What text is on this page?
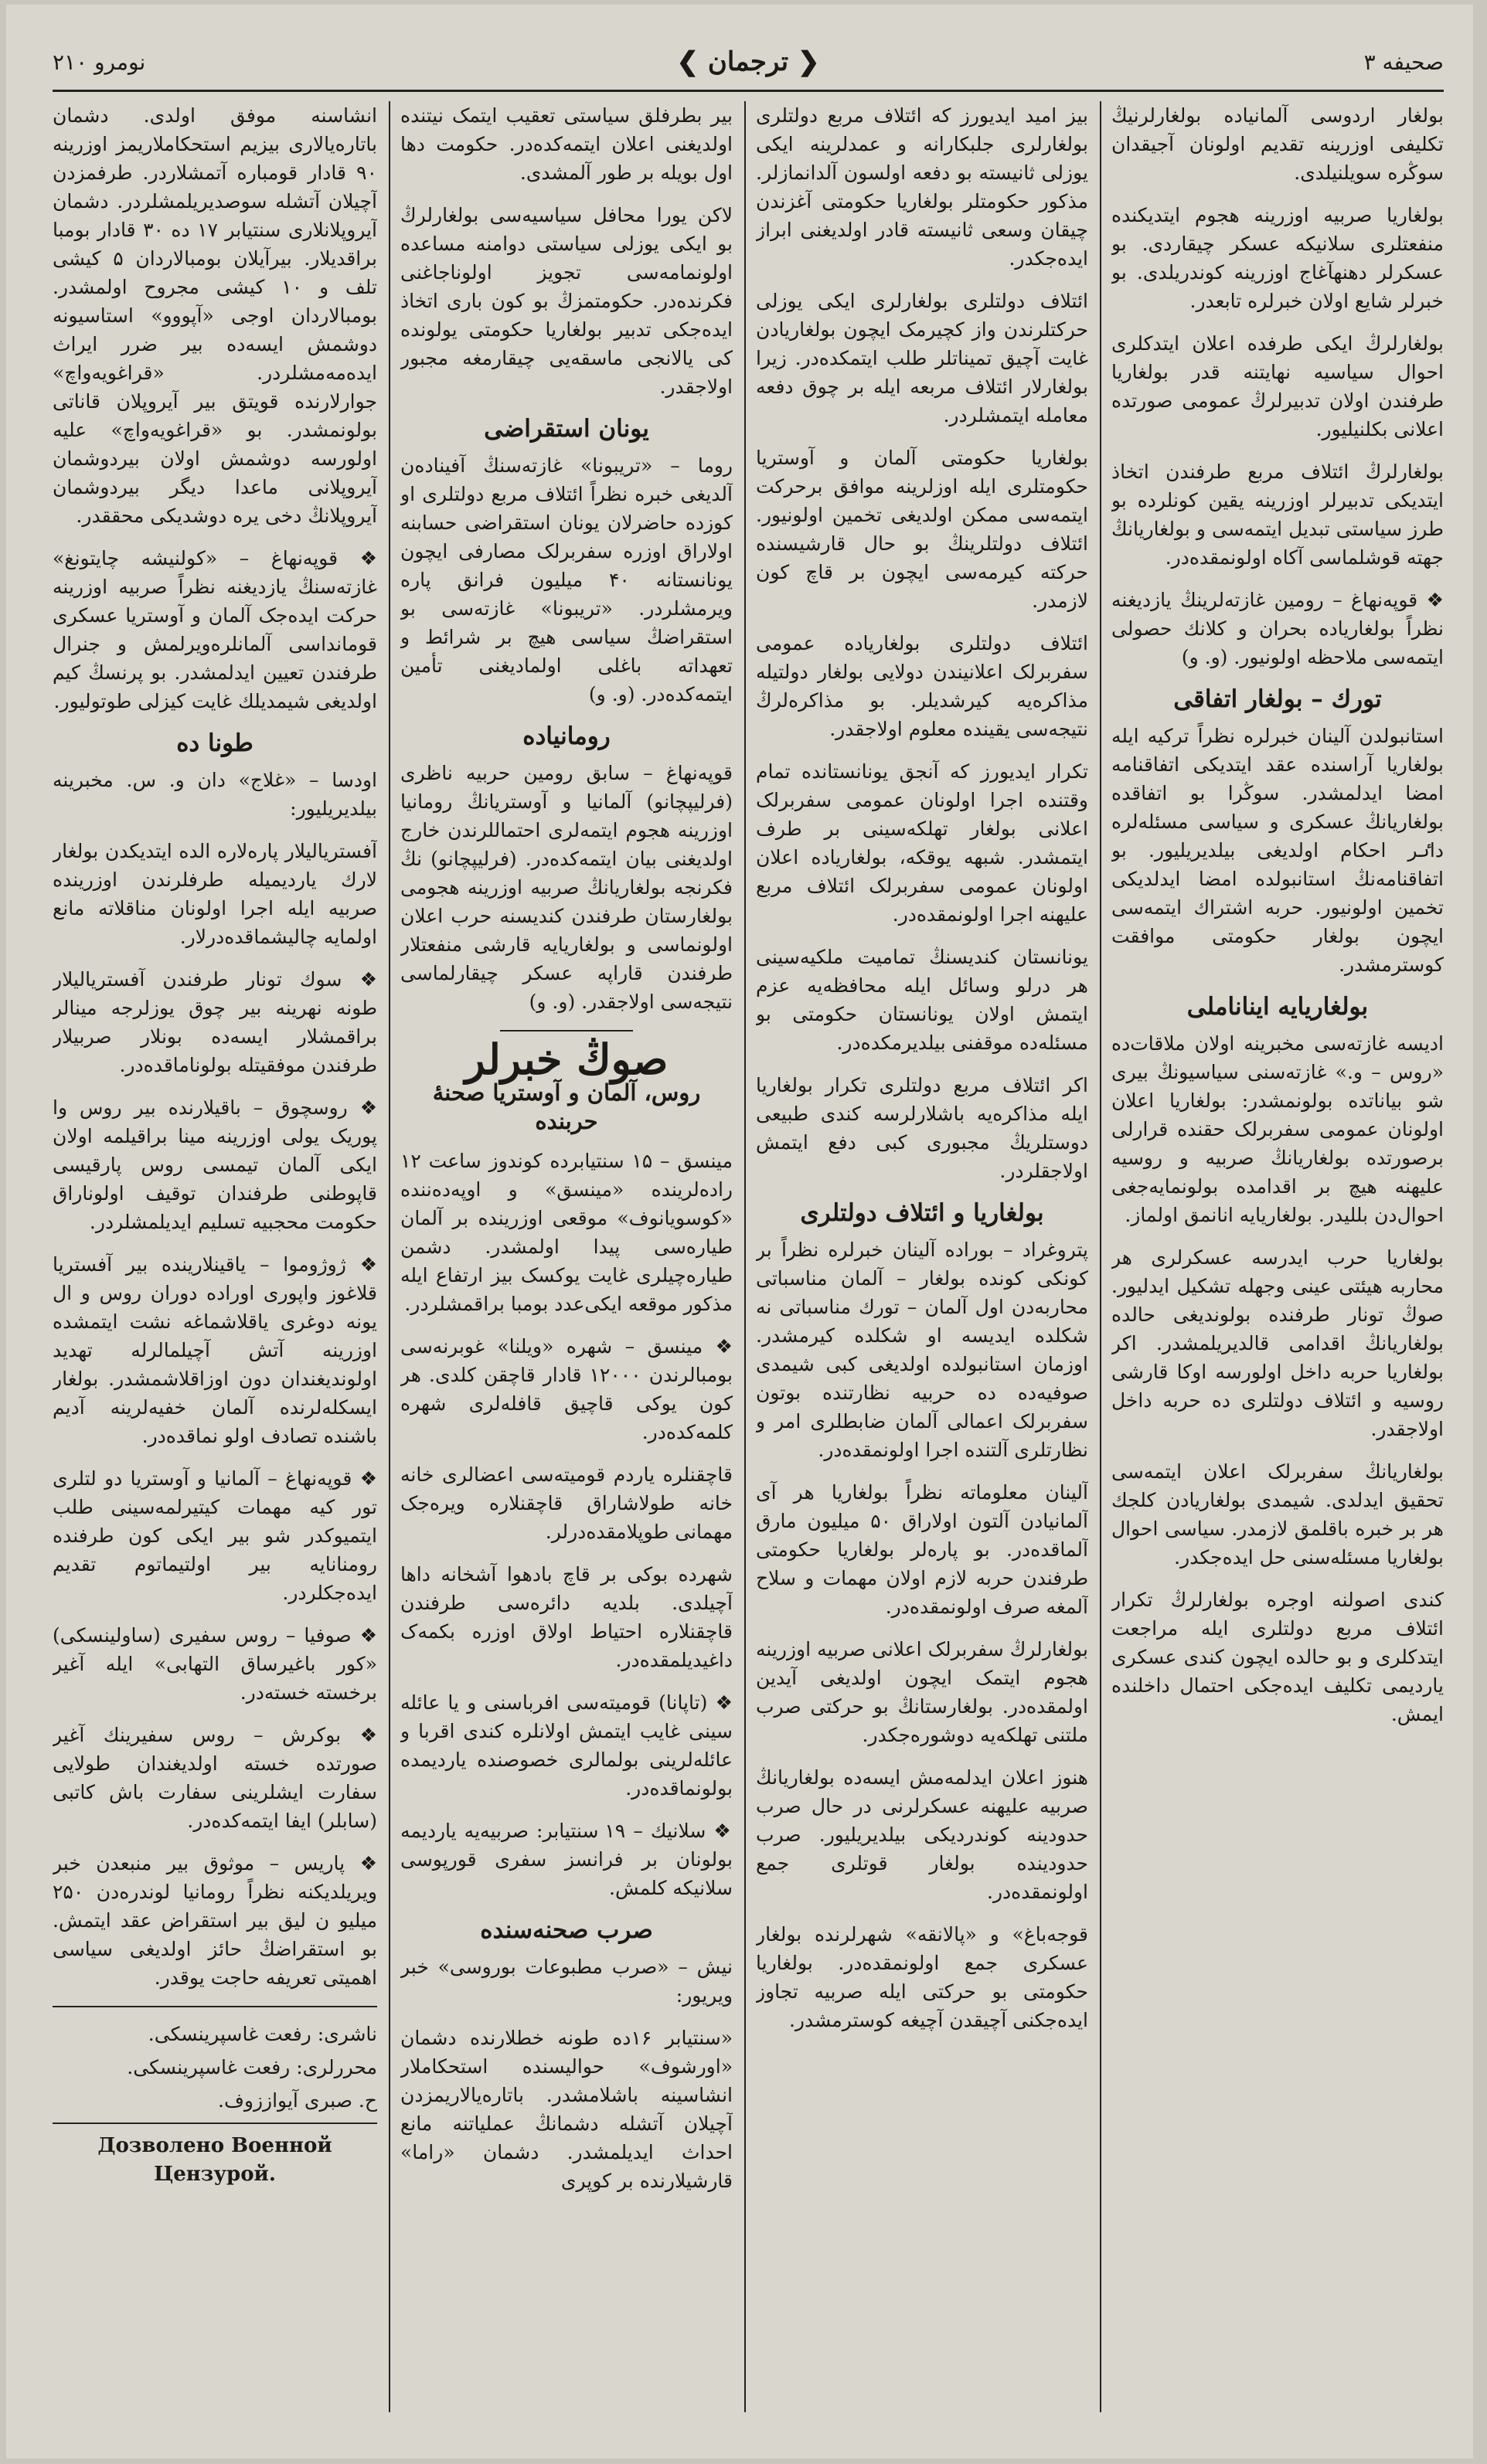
صحیفه ۳
❮ ترجمان ❯
نومرو ۲۱۰

بولغار اردوسی آلمانیاده بولغارلرنیڭ تکلیفی اوزرینه تقدیم اولونان آجیقدان سوڭره سویلنیلدی.

بولغاریا صربیه اوزرینه هجوم ایتدیکنده منفعتلری سلانیکه عسکر چیقاردی. بو عسکرلر دهنهآغاج اوزرینه کوندریلدی. بو خبرلر شایع اولان خبرلره تابعدر.

بولغارلرڭ ایکی طرفده اعلان ایتدکلری احوال سیاسیه نهایتنه قدر بولغاریا طرفندن اولان تدبیرلرڭ عمومی صورتده اعلانی بکلنیلیور.

بولغارلرڭ ائتلاف مربع طرفندن اتخاذ ایتدیکی تدبیرلر اوزرینه یقین کونلرده بو طرز سیاستی تبدیل ایتمه‌سی و بولغاریانڭ جهته قوشلماسی آکاه اولونمقده‌در.

❖ قوپه‌نهاغ – رومین غازته‌لرینڭ یازدیغنه نظراً بولغاریاده بحران و کلانك حصولی ایتمه‌سی ملاحظه اولونیور. (و. و)

تورك – بولغار اتفاقی

استانبولدن آلینان خبرلره نظراً ترکیه ایله بولغاریا آراسنده عقد ایتدیکی اتفاقنامه امضا ایدلمشدر. سوڭرا بو اتفاقده بولغاریانڭ عسکری و سیاسی مسئله‌لره داٸر احکام اولدیغی بیلدیریلیور. بو اتفاقنامه‌نڭ استانبولده امضا ایدلدیکی تخمین اولونیور. حربه اشتراك ایتمه‌سی ایچون بولغار حکومتی موافقت کوسترمشدر.

بولغاریایه ایناناملی

ادیسه غازته‌سی مخبرینه اولان ملاقات‌ده «روس – و.» غازته‌سنی سیاسیونڭ بیری شو بیاناتده بولونمشدر: بولغاریا اعلان اولونان عمومی سفربرلک حقنده قرارلی برصورتده بولغاریانڭ صربیه و روسیه علیهنه هیچ بر اقدامده بولونمایه‌جغی احوال‌دن بللیدر. بولغاریایه انانمق اولماز.

بولغاریا حرب ایدرسه عسکرلری هر محاربه هیئتی عینی وجهله تشکیل ایدلیور. صوڭ تونار طرفنده بولوندیغی حالده بولغاریانڭ اقدامی قالدیریلمشدر. اکر بولغاریا حربه داخل اولورسه اوکا قارشی روسیه و ائتلاف دولتلری ده حربه داخل اولاجقدر.

بولغاریانڭ سفربرلک اعلان ایتمه‌سی تحقیق ایدلدی. شیمدی بولغاریادن کلجك هر بر خبره باقلمق لازمدر. سیاسی احوال بولغاریا مسئله‌سنی حل ایده‌جکدر.

کندی اصولنه اوجره بولغارلرڭ تکرار ائتلاف مربع دولتلری ایله مراجعت ایتدکلری و بو حالده ایچون کندی عسکری یاردیمی تکلیف ایده‌جکی احتمال داخلنده ایمش.

بیز امید ایدیورز که ائتلاف مربع دولتلری بولغارلری جلبکارانه و عمدلرینه ایکی یوزلی ثانیسته بو دفعه اولسون آلدانمازلر. مذکور حکومتلر بولغاریا حکومتی آغزندن چیقان وسعی ثانیسته قادر اولدیغنی ابراز ایده‌جکدر.

ائتلاف دولتلری بولغارلری ایکی یوزلی حرکتلرندن واز کچیرمک ایچون بولغاریادن غایت آچیق تمیناتلر طلب ایتمکده‌در. زیرا بولغارلار ائتلاف مربعه ایله بر چوق دفعه معامله ایتمشلردر.

بولغاریا حکومتی آلمان و آوستریا حکومتلری ایله اوزلرینه موافق برحرکت ایتمه‌سی ممکن اولدیغی تخمین اولونیور. ائتلاف دولتلرینڭ بو حال قارشیسنده حرکته کیرمه‌سی ایچون بر قاچ کون لازمدر.

ائتلاف دولتلری بولغاریاده عمومی سفربرلک اعلانیندن دولایی بولغار دولتیله مذاکره‌یه کیرشدیلر. بو مذاکره‌لرڭ نتیجه‌سی یقینده معلوم اولاجقدر.

تکرار ایدیورز که آنجق یونانستانده تمام وقتنده اجرا اولونان عمومی سفربرلک اعلانی بولغار تهلکه‌سینی بر طرف ایتمشدر. شبهه یوقکه، بولغاریاده اعلان اولونان عمومی سفربرلک ائتلاف مربع علیهنه اجرا اولونمقده‌در.

یونانستان کندیسنڭ تمامیت ملکیه‌سینی هر درلو وسائل ایله محافظه‌یه عزم ایتمش اولان یونانستان حکومتی بو مسئله‌ده موقفنی بیلدیرمکده‌در.

اکر ائتلاف مربع دولتلری تکرار بولغاریا ایله مذاکره‌یه باشلارلرسه کندی طبیعی دوستلریڭ مجبوری کبی دفع ایتمش اولاجقلردر.

بولغاریا و ائتلاف دولتلری

پتروغراد – بوراده آلینان خبرلره نظراً بر کونکی کونده بولغار – آلمان مناسباتی محاربه‌دن اول آلمان – تورك مناسباتی نه شکلده ایدیسه او شکلده کیرمشدر. اوزمان استانبولده اولدیغی کبی شیمدی صوفیه‌ده ده حربیه نظارتنده بوتون سفربرلک اعمالی آلمان ضابطلری امر و نظارتلری آلتنده اجرا اولونمقده‌در.

آلینان معلوماته نظراً بولغاریا هر آی آلمانیادن آلتون اولاراق ۵۰ میلیون مارق آلماقده‌در. بو پاره‌لر بولغاریا حکومتی طرفندن حربه لازم اولان مهمات و سلاح آلمغه صرف اولونمقده‌در.

بولغارلرڭ سفربرلک اعلانی صربیه اوزرینه هجوم ایتمک ایچون اولدیغی آیدین اولمقده‌در. بولغارستانڭ بو حرکتی صرب ملتنی تهلکه‌یه دوشوره‌جکدر.

هنوز اعلان ایدلمه‌مش ایسه‌ده بولغاریانڭ صربیه علیهنه عسکرلرنی در حال صرب حدودینه کوندردیکی بیلدیریلیور. صرب حدودینده بولغار قوتلری جمع اولونمقده‌در.

قوجه‌باغ» و «پالانقه» شهرلرنده بولغار عسکری جمع اولونمقده‌در. بولغاریا حکومتی بو حرکتی ایله صربیه تجاوز ایده‌جکنی آچیقدن آچیغه کوسترمشدر.

بیر بطرفلق سیاستی تعقیب ایتمک نیتنده اولدیغنی اعلان ایتمه‌کده‌در. حکومت دها اول بویله بر طور آلمشدی.

لاکن یورا محافل سیاسیه‌سی بولغارلرڭ بو ایکی یوزلی سیاستی دوامنه مساعده اولونمامه‌سی تجویز اولوناجاغنی فکرنده‌در. حکومتمزڭ بو کون باری اتخاذ ایده‌جکی تدبیر بولغاریا حکومتی یولونده کی یالانجی ماسقه‌یی چیقارمغه مجبور اولاجقدر.

یونان استقراضی

روما – «تریبونا» غازته‌سنڭ آفیناده‌ن آلدیغی خبره نظراً ائتلاف مربع دولتلری او کوزده حاضرلان یونان استقراضی حسابنه اولاراق اوزره سفربرلک مصارفی ایچون یونانستانه ۴۰ میلیون فرانق پاره ویرمشلردر. «تریبونا» غازته‌سی بو استقراضڭ سیاسی هیچ بر شرائط و تعهداته باغلی اولمادیغنی تأمین ایتمه‌کده‌در. (و. و)

رومانیاده

قوپه‌نهاغ – سابق رومین حربیه ناظری (فرلیپچانو) آلمانیا و آوستریانڭ رومانیا اوزرینه هجوم ایتمه‌لری احتماللرندن خارج اولدیغنی بیان ایتمه‌کده‌در. (فرلیپچانو) نڭ فکرنجه بولغاریانڭ صربیه اوزرینه هجومی بولغارستان طرفندن کندیسنه حرب اعلان اولونماسی و بولغاریایه قارشی منفعتلار طرفندن قاراپه عسکر چیقارلماسی نتیجه‌سی اولاجقدر. (و. و)

صوڭ خبرلر
روس، آلمان و آوستریا صحنهٔ حربنده

مینسق – ۱۵ سنتیابرده کوندوز ساعت ۱۲ راده‌لرینده «مینسق» و اوپه‌ده‌ننده «کوسویانوف» موقعی اوزرینده بر آلمان طیاره‌سی پیدا اولمشدر. دشمن طیاره‌چیلری غایت یوکسک بیز ارتفاع ایله مذکور موقعه ایکی‌عدد بومبا براقمشلردر.

❖ مینسق – شهره «ویلنا» غوبرنه‌سی بومبالرندن ۱۲۰۰۰ قادار قاچقن کلدی. هر کون یوکی قاچیق قافله‌لری شهره کلمه‌کده‌در.

قاچقنلره یاردم قومیته‌سی اعضالری خانه خانه طولاشاراق قاچقنلاره ویره‌جک مهمانی طوپلامقده‌درلر.

شهرده بوکی بر قاچ بادهوا آشخانه داها آچیلدی. بلدیه دائره‌سی طرفندن قاچقنلاره احتیاط اولاق اوزره بکمه‌ک داغیدیلمقده‌در.

❖ (تاپانا) قومیته‌سی افرباسنی و یا عائله سینی غایب ایتمش اولانلره کندی اقربا و عائله‌لرینی بولمالری خصوصنده یاردیمده بولونماقده‌در.

❖ سلانیك – ۱۹ سنتیابر: صربیه‌یه یاردیمه بولونان بر فرانسز سفری قورپوسی سلانیکه کلمش.

صرب صحنه‌سنده

نیش – «صرب مطبوعات بوروسی» خبر ویریور:

«سنتیابر ۱۶ده طونه خطلارنده دشمان «اورشوف» حوالیسنده استحکاملار انشاسینه باشلامشدر. باتاره‌یالاریمزدن آچیلان آتشله دشمانڭ عملیاتنه مانع احداث ایدیلمشدر. دشمان «راما» قارشیلارنده بر کوپری

انشاسنه موفق اولدی. دشمان باتاره‌یالاری بیزیم استحکاملاریمز اوزرینه ۹۰ قادار قومباره آتمشلاردر. طرفمزدن آچیلان آتشله سوصدیریلمشلردر. دشمان آیروپلانلاری سنتیابر ۱۷ ده ۳۰ قادار بومبا براقدیلار. بیرآیلان بومبالاردان ۵ کیشی تلف و ۱۰ کیشی مجروح اولمشدر. بومبالاردان اوجی «آپووو» استاسیونه دوشمش ایسه‌ده بیر ضرر ایراث ایده‌مه‌مشلردر. «قراغویه‌واچ» جوارلارنده قویتق بیر آیروپلان قاناتی بولونمشدر. بو «قراغویه‌واچ» علیه‌ اولورسه دوشمش اولان بیردوشمان آیروپلانی‌ ماعدا دیگر بیردوشمان آیروپلانڭ دخی یره دوشدیکی محققدر.

❖ قوپه‌نهاغ – «کولنیشه چایتونغ» غازته‌سنڭ یازدیغنه نظراً صربیه اوزرینه حرکت ایده‌جک آلمان و آوستریا عسکری قومانداسی آلمانلره‌ویرلمش و جنرال طرفندن تعیین ایدلمشدر. بو پرنسڭ کیم اولدیغی شیمدیلك غایت کیزلی طوتولیور.

طونا ده

اودسا – «غلاج» دان و. س. مخبرینه بیلدیریلیور:

آفستریالیلار پاره‌لاره الده ایتدیکدن بولغار لارك یاردیمیله طرفلرندن اوزرینده صربیه ایله اجرا اولونان مناقلاته مانع اولمایه چالیشماقده‌درلار.

❖ سوك تونار طرفندن آفستریالیلار طونه نهرینه بیر چوق یوزلرجه مینالر براقمشلار ایسه‌ده بونلار صربیلار طرفندن موفقیتله بولوناماقده‌در.

❖ روسچوق – باقیلارنده بیر روس وا پوریک یولی اوزرینه مینا براقیلمه اولان ایکی آلمان تیمسی روس پارقیسی قاپوطنی طرفندان توقیف اولوناراق حکومت محجبیه تسلیم ایدیلمشلردر.

❖ ژوژوموا – یاقینلارینده بیر آفستریا قلاغوز واپوری اوراده دوران روس و ال یونه دوغری یاقلاشماغه نشت ایتمشده اوزرینه آتش آچیلمالرله تهدید اولوندیغندان دون اوزاقلاشمشدر. بولغار ایسکله‌لرنده آلمان خفیه‌لرینه آدیم باشنده تصادف اولو نماقده‌در.

❖ قوپه‌نهاغ – آلمانیا و آوستریا دو لتلری تور کیه مهمات کیتیرلمه‌سینی طلب ایتمیوکدر شو بیر ایکی کون طرفنده رومنانایه بیر اولتیماتوم تقدیم ایده‌جکلردر.

❖ صوفیا – روس سفیری (ساولینسکی) «کور باغیرساق التهابی» ایله آغیر برخسته خسته‌در.

❖ بوکرش – روس سفیرینك آغیر صورتده خسته اولدیغندان طولایی سفارت ایشلرینی سفارت باش کاتبی (سابلر) ایفا ایتمه‌کده‌در.

❖ پاریس – موثوق بیر منبعدن خبر ویریلدیکنه نظراً رومانیا لوندره‌دن ۲۵۰ میلیو ن لیق بیر استقراض عقد ایتمش. بو استقراضڭ حائز اولدیغی سیاسی اهمیتی تعریفه حاجت یوقدر.

ناشری: رفعت غاسپرینسکی.
محررلری: رفعت غاسپرینسکی.
ح. صبری آیواززوف.
Дозволено Военной Цензурой.
